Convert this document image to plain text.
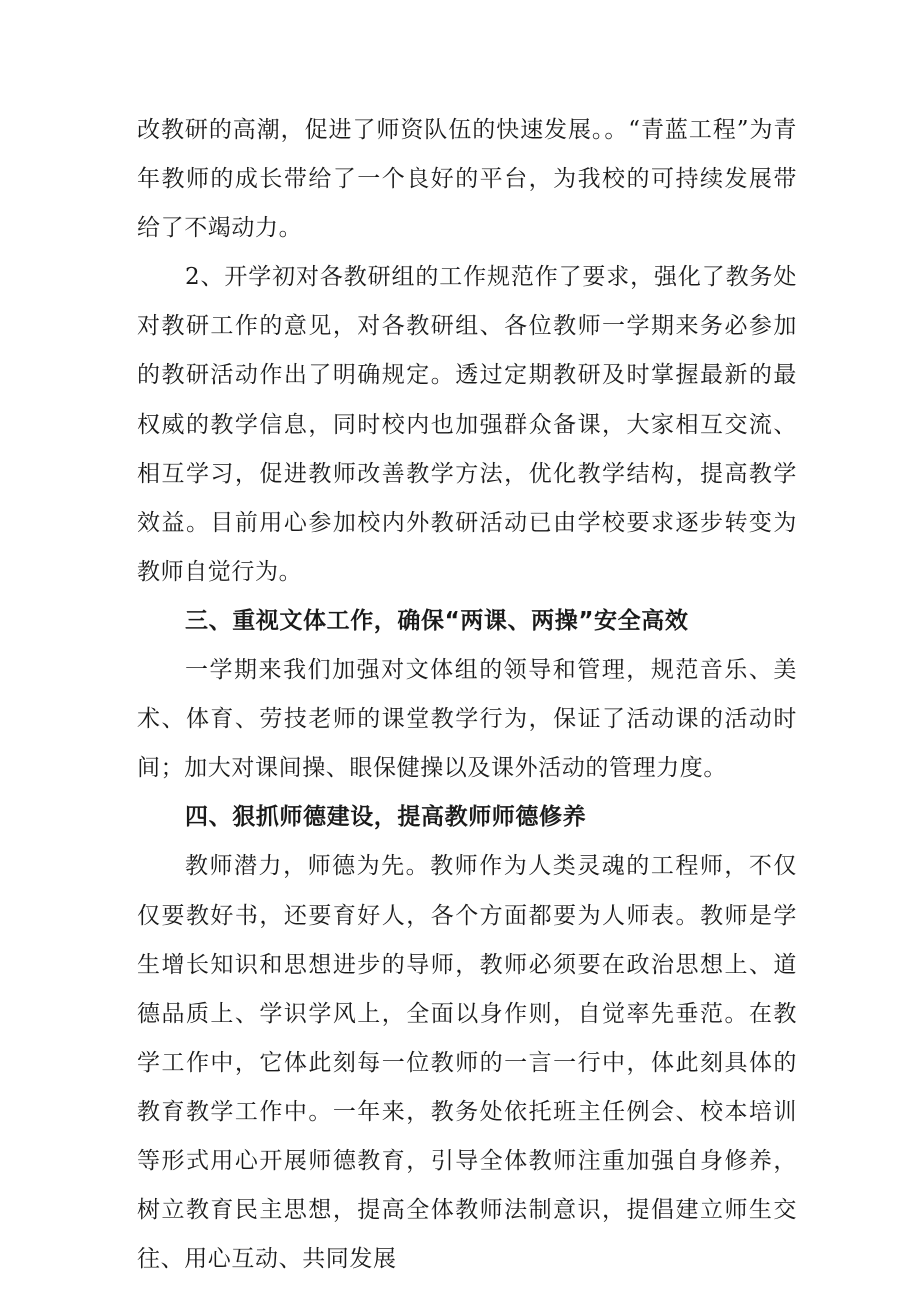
改教研的高潮，促进了师资队伍的快速发展。。“青蓝工程”为青年教师的成长带给了一个良好的平台，为我校的可持续发展带给了不竭动力。

2、开学初对各教研组的工作规范作了要求，强化了教务处对教研工作的意见，对各教研组、各位教师一学期来务必参加的教研活动作出了明确规定。透过定期教研及时掌握最新的最权威的教学信息，同时校内也加强群众备课，大家相互交流、相互学习，促进教师改善教学方法，优化教学结构，提高教学效益。目前用心参加校内外教研活动已由学校要求逐步转变为教师自觉行为。

三、重视文体工作，确保“两课、两操”安全高效

一学期来我们加强对文体组的领导和管理，规范音乐、美术、体育、劳技老师的课堂教学行为，保证了活动课的活动时间；加大对课间操、眼保健操以及课外活动的管理力度。

四、狠抓师德建设，提高教师师德修养

教师潜力，师德为先。教师作为人类灵魂的工程师，不仅仅要教好书，还要育好人，各个方面都要为人师表。教师是学生增长知识和思想进步的导师，教师必须要在政治思想上、道德品质上、学识学风上，全面以身作则，自觉率先垂范。在教学工作中，它体此刻每一位教师的一言一行中，体此刻具体的教育教学工作中。一年来，教务处依托班主任例会、校本培训等形式用心开展师德教育，引导全体教师注重加强自身修养，树立教育民主思想，提高全体教师法制意识，提倡建立师生交往、用心互动、共同发展
